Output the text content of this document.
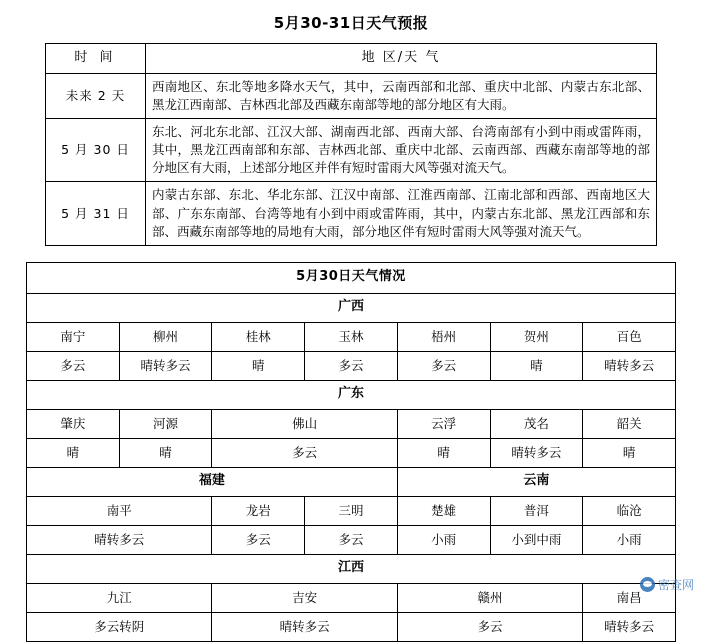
5月30-31日天气预报
时 间	地 区/天 气
未来 2 天	西南地区、东北等地多降水天气，其中，云南西部和北部、重庆中北部、内蒙古东北部、黑龙江西南部、吉林西北部及西藏东南部等地的部分地区有大雨。
5 月 30 日	东北、河北东北部、江汉大部、湖南西北部、西南大部、台湾南部有小到中雨或雷阵雨，其中，黑龙江西南部和东部、吉林西北部、重庆中北部、云南西部、西藏东南部等地的部分地区有大雨，上述部分地区并伴有短时雷雨大风等强对流天气。
5 月 31 日	内蒙古东部、东北、华北东部、江汉中南部、江淮西南部、江南北部和西部、西南地区大部、广东东南部、台湾等地有小到中雨或雷阵雨，其中，内蒙古东北部、黑龙江西部和东部、西藏东南部等地的局地有大雨，部分地区伴有短时雷雨大风等强对流天气。
5月30日天气情况						
广西						
南宁	柳州	桂林	玉林	梧州	贺州	百色
多云	晴转多云	晴	多云	多云	晴	晴转多云
广东						
肇庆	河源	佛山		云浮	茂名	韶关
晴	晴	多云		晴	晴转多云	晴
福建				云南		
南平		龙岩	三明	楚雄	普洱	临沧
晴转多云		多云	多云	小雨	小到中雨	小雨
江西						
九江		吉安		赣州		南昌
多云转阴		晴转多云		多云		晴转多云
密查网
